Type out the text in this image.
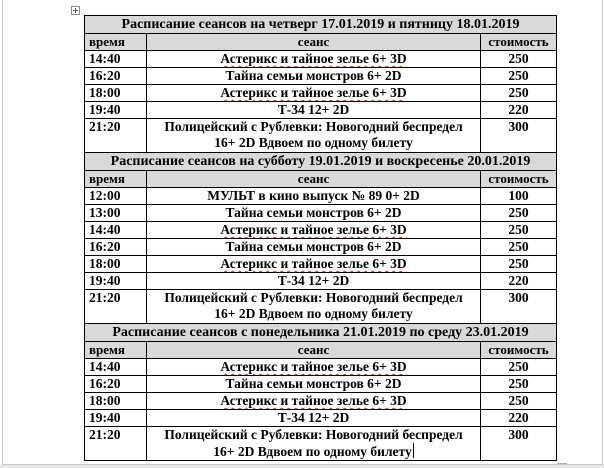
Расписание сеансов на четверг 17.01.2019 и пятницу 18.01.2019		
время	сеанс	стоимость
14:40	Астерикс и тайное зелье 6+ 3D	250
16:20	Тайна семьи монстров 6+ 2D	250
18:00	Астерикс и тайное зелье 6+ 3D	250
19:40	Т-34 12+ 2D	220
21:20	Полицейский с Рублевки: Новогодний беспредел
16+ 2D Вдвоем по одному билету	300
Расписание сеансов на субботу 19.01.2019 и воскресенье 20.01.2019		
время	сеанс	стоимость
12:00	МУЛЬТ в кино выпуск № 89 0+ 2D	100
13:00	Тайна семьи монстров 6+ 2D	250
14:40	Астерикс и тайное зелье 6+ 3D	250
16:20	Тайна семьи монстров 6+ 2D	250
18:00	Астерикс и тайное зелье 6+ 3D	250
19:40	Т-34 12+ 2D	220
21:20	Полицейский с Рублевки: Новогодний беспредел
16+ 2D Вдвоем по одному билету	300
Расписание сеансов с понедельника 21.01.2019 по среду 23.01.2019		
время	сеанс	стоимость
14:40	Астерикс и тайное зелье 6+ 3D	250
16:20	Тайна семьи монстров 6+ 2D	250
18:00	Астерикс и тайное зелье 6+ 3D	250
19:40	Т-34 12+ 2D	220
21:20	Полицейский с Рублевки: Новогодний беспредел
16+ 2D Вдвоем по одному билету	300
